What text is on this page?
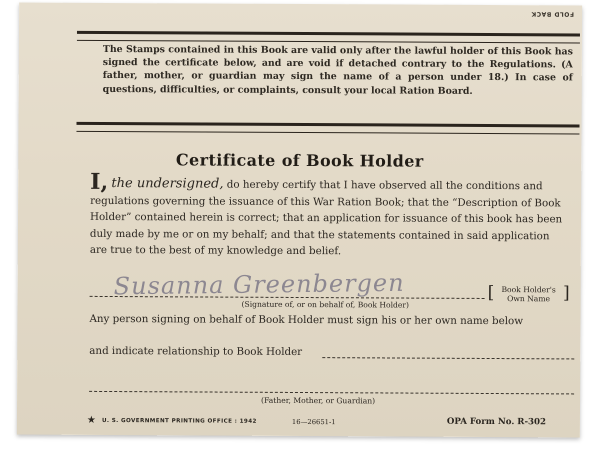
FOLD BACK
The Stamps contained in this Book are valid only after the lawful holder of this Book has signed the certificate below, and are void if detached contrary to the Regulations. (A father, mother, or guardian may sign the name of a person under 18.) In case of questions, difficulties, or complaints, consult your local Ration Board.
Certificate of Book Holder
I, the undersigned, do hereby certify that I have observed all the conditions and regulations governing the issuance of this War Ration Book; that the “Description of Book Holder” contained herein is correct; that an application for issuance of this book has been duly made by me or on my behalf; and that the statements contained in said application are true to the best of my knowledge and belief.
Susanna Greenbergen
(Signature of, or on behalf of, Book Holder)
[ Book Holder's
Own Name ]
Any person signing on behalf of Book Holder must sign his or her own name below
and indicate relationship to Book Holder
(Father, Mother, or Guardian)
★ U. S. GOVERNMENT PRINTING OFFICE : 1942	16—26651-1	OPA Form No. R-302
